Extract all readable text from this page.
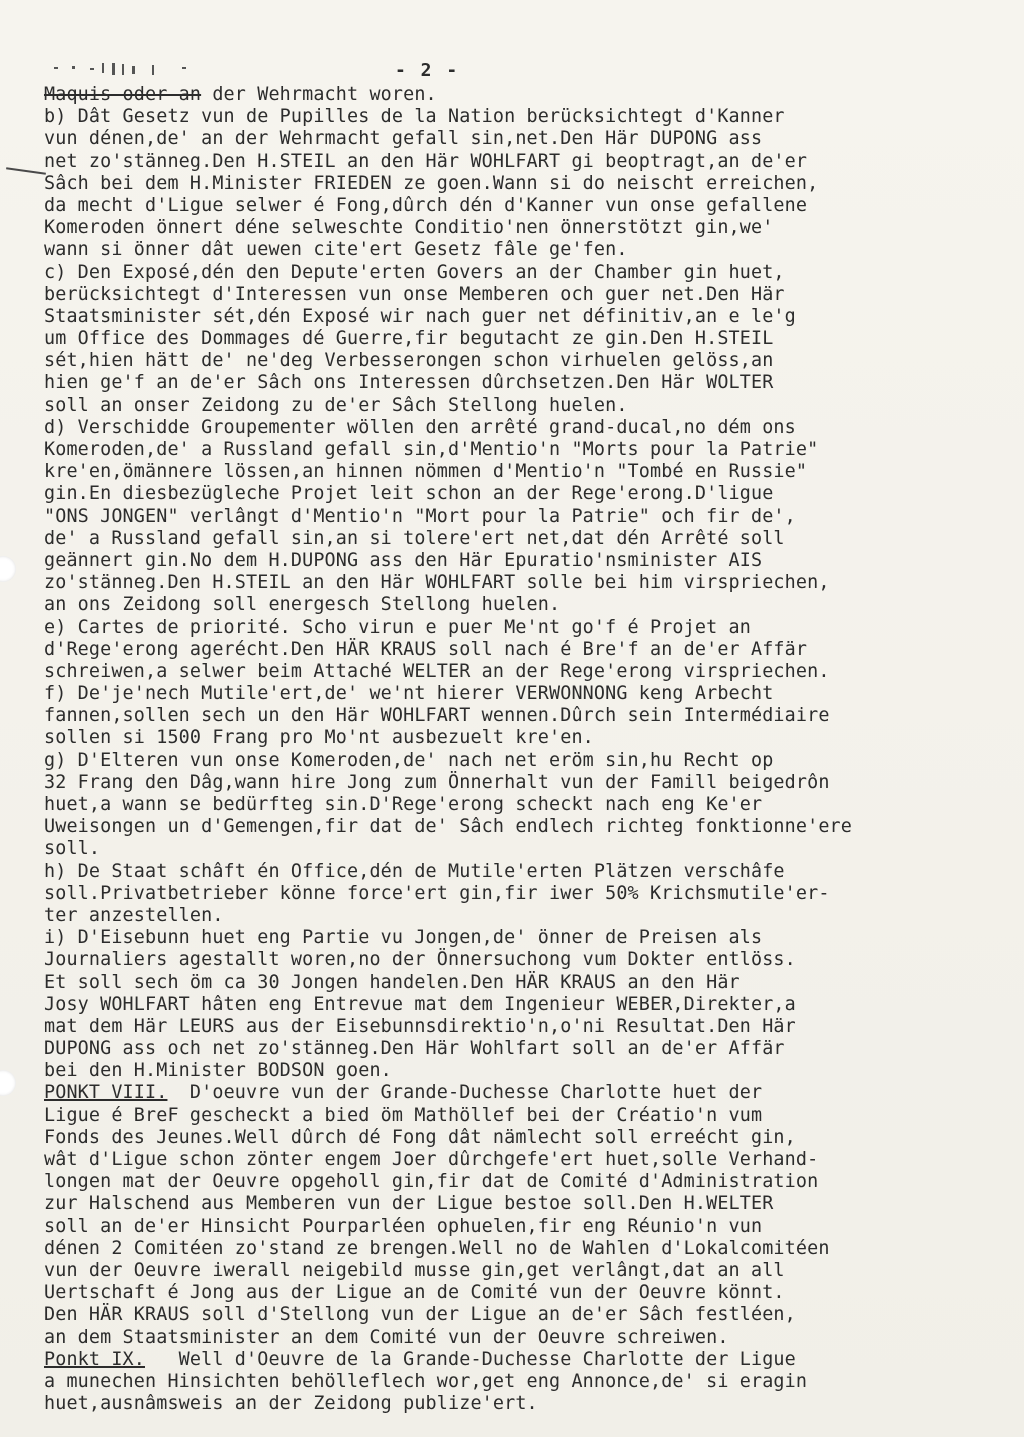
- 2 -
Maquis oder an der Wehrmacht woren.
b) Dât Gesetz vun de Pupilles de la Nation berücksichtegt d'Kanner
vun dénen,de' an der Wehrmacht gefall sin,net.Den Här DUPONG ass
net zo'stänneg.Den H.STEIL an den Här WOHLFART gi beoptragt,an de'er
Sâch bei dem H.Minister FRIEDEN ze goen.Wann si do neischt erreichen,
da mecht d'Ligue selwer é Fong,dûrch dén d'Kanner vun onse gefallene
Komeroden önnert déne selweschte Conditio'nen önnerstötzt gin,we'
wann si önner dât uewen cite'ert Gesetz fâle ge'fen.
c) Den Exposé,dén den Depute'erten Govers an der Chamber gin huet,
berücksichtegt d'Interessen vun onse Memberen och guer net.Den Här
Staatsminister sét,dén Exposé wir nach guer net définitiv,an e le'g
um Office des Dommages dé Guerre,fir begutacht ze gin.Den H.STEIL
sét,hien hätt de' ne'deg Verbesserongen schon virhuelen gelöss,an
hien ge'f an de'er Sâch ons Interessen dûrchsetzen.Den Här WOLTER
soll an onser Zeidong zu de'er Sâch Stellong huelen.
d) Verschidde Groupementer wöllen den arrêté grand-ducal,no dém ons
Komeroden,de' a Russland gefall sin,d'Mentio'n "Morts pour la Patrie"
kre'en,ömännere lössen,an hinnen nömmen d'Mentio'n "Tombé en Russie"
gin.En diesbezügleche Projet leit schon an der Rege'erong.D'ligue
"ONS JONGEN" verlângt d'Mentio'n "Mort pour la Patrie" och fir de',
de' a Russland gefall sin,an si tolere'ert net,dat dén Arrêté soll
geännert gin.No dem H.DUPONG ass den Här Epuratio'nsminister AIS
zo'stänneg.Den H.STEIL an den Här WOHLFART solle bei him virspriechen,
an ons Zeidong soll energesch Stellong huelen.
e) Cartes de priorité. Scho virun e puer Me'nt go'f é Projet an
d'Rege'erong agerécht.Den HÄR KRAUS soll nach é Bre'f an de'er Affär
schreiwen,a selwer beim Attaché WELTER an der Rege'erong virspriechen.
f) De'je'nech Mutile'ert,de' we'nt hierer VERWONNONG keng Arbecht
fannen,sollen sech un den Här WOHLFART wennen.Dûrch sein Intermédiaire
sollen si 1500 Frang pro Mo'nt ausbezuelt kre'en.
g) D'Elteren vun onse Komeroden,de' nach net eröm sin,hu Recht op
32 Frang den Dâg,wann hire Jong zum Önnerhalt vun der Famill beigedrôn
huet,a wann se bedürfteg sin.D'Rege'erong scheckt nach eng Ke'er
Uweisongen un d'Gemengen,fir dat de' Sâch endlech richteg fonktionne'ere
soll.
h) De Staat schâft én Office,dén de Mutile'erten Plätzen verschâfe
soll.Privatbetrieber könne force'ert gin,fir iwer 50% Krichsmutile'er-
ter anzestellen.
i) D'Eisebunn huet eng Partie vu Jongen,de' önner de Preisen als
Journaliers agestallt woren,no der Önnersuchong vum Dokter entlöss.
Et soll sech öm ca 30 Jongen handelen.Den HÄR KRAUS an den Här
Josy WOHLFART hâten eng Entrevue mat dem Ingenieur WEBER,Direkter,a
mat dem Här LEURS aus der Eisebunnsdirektio'n,o'ni Resultat.Den Här
DUPONG ass och net zo'stänneg.Den Här Wohlfart soll an de'er Affär
bei den H.Minister BODSON goen.
PONKT VIII.  D'oeuvre vun der Grande-Duchesse Charlotte huet der
Ligue é BreF gescheckt a bied öm Mathöllef bei der Créatio'n vum
Fonds des Jeunes.Well dûrch dé Fong dât nämlecht soll erreécht gin,
wât d'Ligue schon zönter engem Joer dûrchgefe'ert huet,solle Verhand-
longen mat der Oeuvre opgeholl gin,fir dat de Comité d'Administration
zur Halschend aus Memberen vun der Ligue bestoe soll.Den H.WELTER
soll an de'er Hinsicht Pourparléen ophuelen,fir eng Réunio'n vun
dénen 2 Comitéen zo'stand ze brengen.Well no de Wahlen d'Lokalcomitéen
vun der Oeuvre iwerall neigebild musse gin,get verlângt,dat an all
Uertschaft é Jong aus der Ligue an de Comité vun der Oeuvre könnt.
Den HÄR KRAUS soll d'Stellong vun der Ligue an de'er Sâch festléen,
an dem Staatsminister an dem Comité vun der Oeuvre schreiwen.
Ponkt IX.   Well d'Oeuvre de la Grande-Duchesse Charlotte der Ligue
a munechen Hinsichten behölleflech wor,get eng Annonce,de' si eragin
huet,ausnâmsweis an der Zeidong publize'ert.
